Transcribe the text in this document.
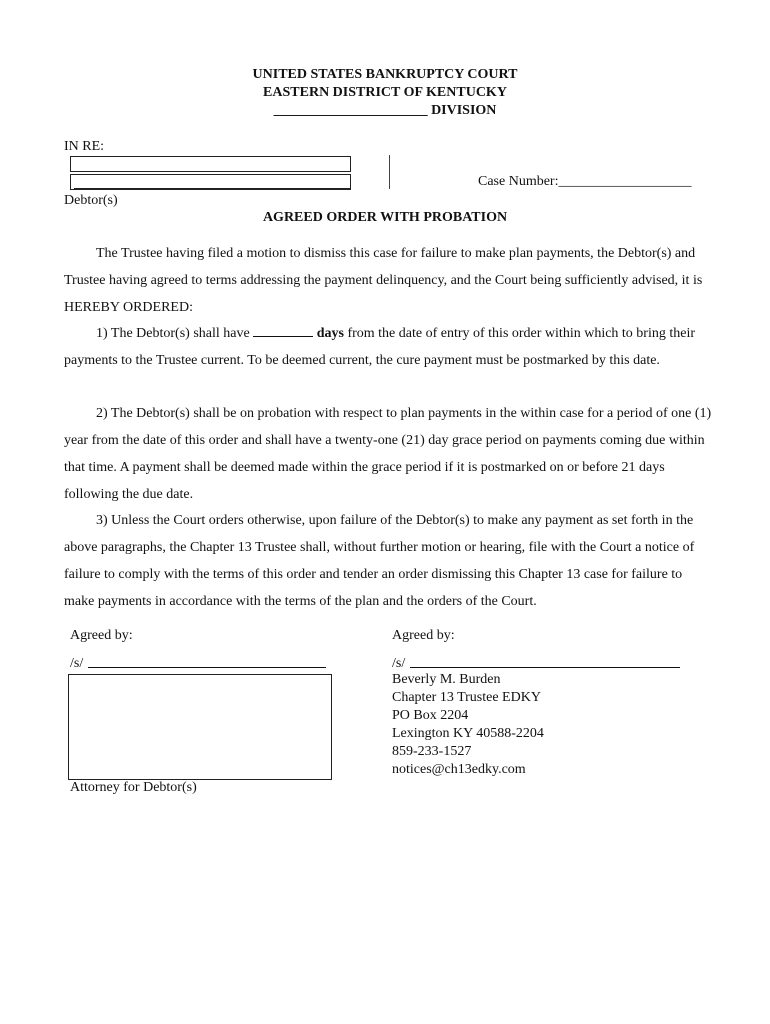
UNITED STATES BANKRUPTCY COURT
EASTERN DISTRICT OF KENTUCKY
______________________ DIVISION
IN RE:
Case Number:___________________
Debtor(s)
AGREED ORDER WITH PROBATION
The Trustee having filed a motion to dismiss this case for failure to make plan payments, the Debtor(s) and Trustee having agreed to terms addressing the payment delinquency, and the Court being sufficiently advised, it is HEREBY ORDERED:
1) The Debtor(s) shall have	days from the date of entry of this order within which to bring their payments to the Trustee current. To be deemed current, the cure payment must be postmarked by this date.
2) The Debtor(s) shall be on probation with respect to plan payments in the within case for a period of one (1) year from the date of this order and shall have a twenty-one (21) day grace period on payments coming due within that time. A payment shall be deemed made within the grace period if it is postmarked on or before 21 days following the due date.
3) Unless the Court orders otherwise, upon failure of the Debtor(s) to make any payment as set forth in the above paragraphs, the Chapter 13 Trustee shall, without further motion or hearing, file with the Court a notice of failure to comply with the terms of this order and tender an order dismissing this Chapter 13 case for failure to make payments in accordance with the terms of the plan and the orders of the Court.
Agreed by:
/s/
Attorney for Debtor(s)
Agreed by:
/s/
Beverly M. Burden
Chapter 13 Trustee EDKY
PO Box 2204
Lexington KY 40588-2204
859-233-1527
notices@ch13edky.com
